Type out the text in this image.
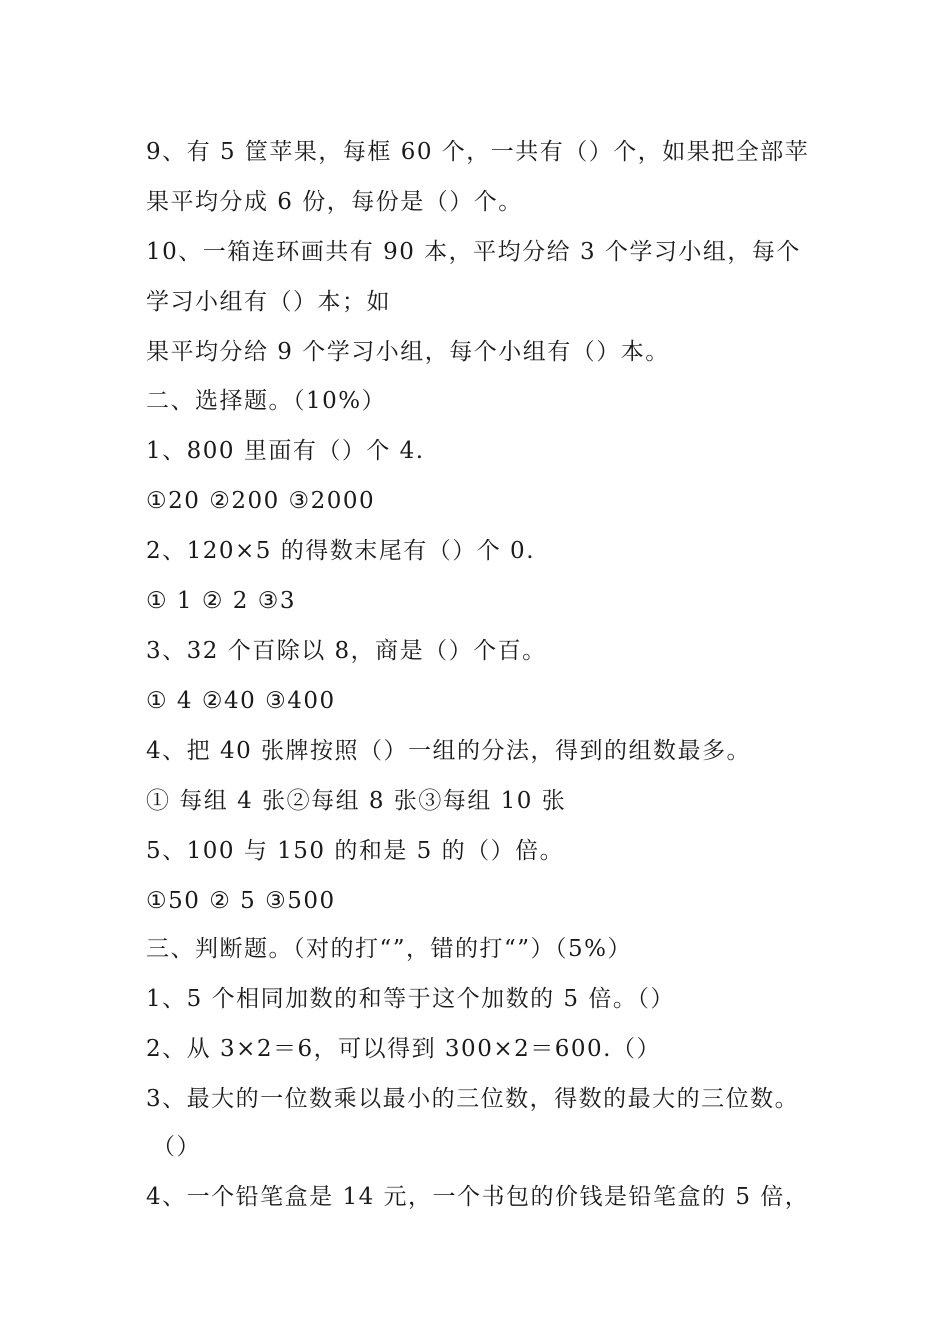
9、有 5 筐苹果，每框 60 个，一共有（）个，如果把全部苹
果平均分成 6 份，每份是（）个。
10、一箱连环画共有 90 本，平均分给 3 个学习小组，每个
学习小组有（）本；如
果平均分给 9 个学习小组，每个小组有（）本。
二、选择题。（10%）
1、800 里面有（）个 4.
①20 ②200 ③2000
2、120×5 的得数末尾有（）个 0.
① 1 ② 2 ③3
3、32 个百除以 8，商是（）个百。
① 4 ②40 ③400
4、把 40 张牌按照（）一组的分法，得到的组数最多。
① 每组 4 张②每组 8 张③每组 10 张
5、100 与 150 的和是 5 的（）倍。
①50 ② 5 ③500
三、判断题。（对的打“”，错的打“”）（5%）
1、5 个相同加数的和等于这个加数的 5 倍。（）
2、从 3×2＝6，可以得到 300×2＝600.（）
3、最大的一位数乘以最小的三位数，得数的最大的三位数。
（）
4、一个铅笔盒是 14 元，一个书包的价钱是铅笔盒的 5 倍，
